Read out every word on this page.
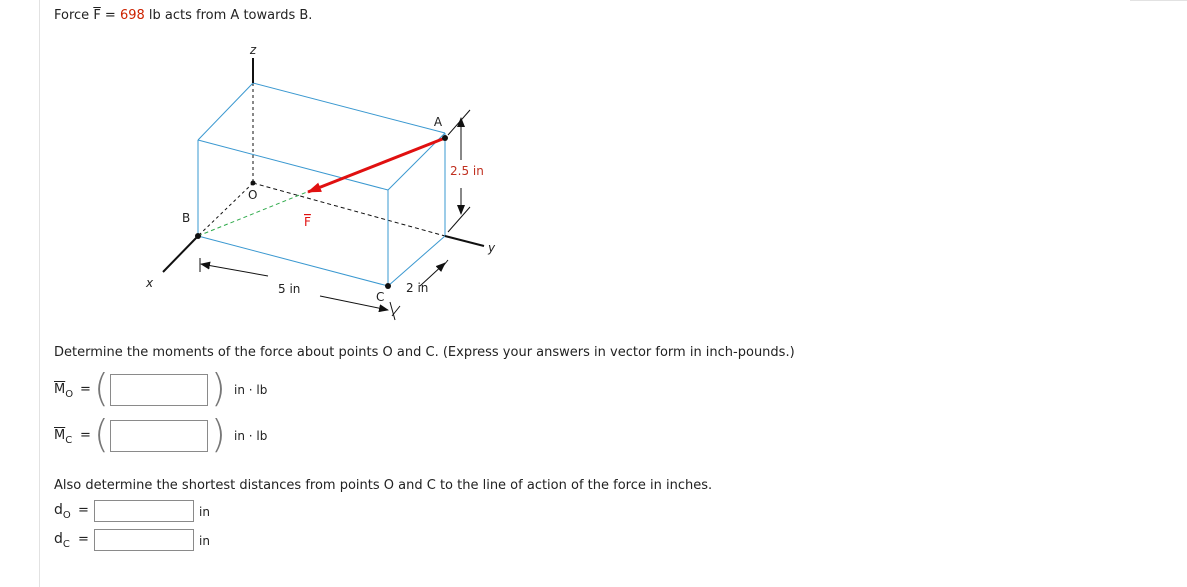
Force $\overline{F} = 698$ lb acts from A towards B.
z
y
x
A
B
C
O
F
2.5 in
5 in	2 in
Determine the moments of the force about points O and C. (Express your answers in vector form in inch-pounds.)
$\overline{M}_O$ = (	) in · lb
$\overline{M}_C$ = (	) in · lb
Also determine the shortest distances from points O and C to the line of action of the force in inches.
$d_O$ =	in
$d_C$ =	in
